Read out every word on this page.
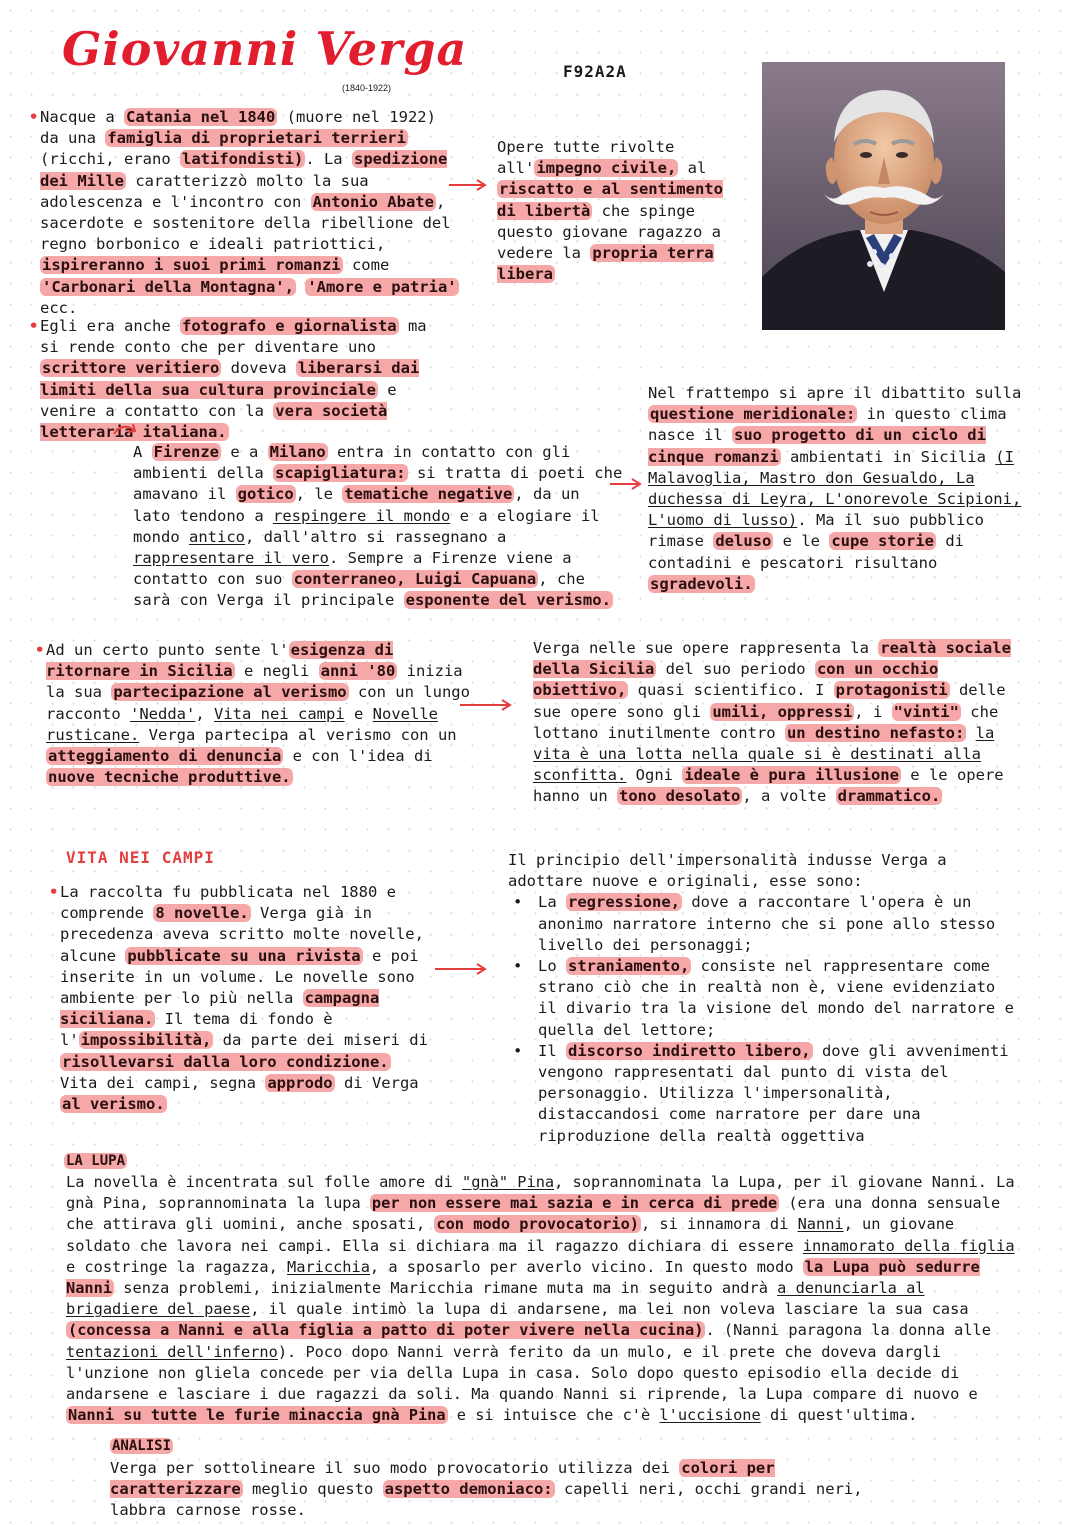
Giovanni Verga
(1840-1922)
F92A2A
• Nacque a Catania nel 1840 (muore nel 1922) da una famiglia di proprietari terrieri (ricchi, erano latifondisti) . La spedizione dei Mille caratterizzò molto la sua adolescenza e l'incontro con Antonio Abate , sacerdote e sostenitore della ribellione del regno borbonico e ideali patriottici, ispireranno i suoi primi romanzi come 'Carbonari della Montagna', 'Amore e patria' ecc.
Opere tutte rivolte all' impegno civile, al riscatto e al sentimento di libertà che spinge questo giovane ragazzo a vedere la propria terra libera
• Egli era anche fotografo e giornalista ma si rende conto che per diventare uno scrittore veritiero doveva liberarsi dai limiti della sua cultura provinciale e venire a contatto con la vera società letteraria italiana.
A Firenze e a Milano entra in contatto con gli ambienti della scapigliatura: si tratta di poeti che amavano il gotico , le tematiche negative , da un lato tendono a respingere il mondo e a elogiare il mondo antico, dall'altro si rassegnano a rappresentare il vero. Sempre a Firenze viene a contatto con suo conterraneo, Luigi Capuana , che sarà con Verga il principale esponente del verismo.
Nel frattempo si apre il dibattito sulla questione meridionale: in questo clima nasce il suo progetto di un ciclo di cinque romanzi ambientati in Sicilia (I Malavoglia, Mastro don Gesualdo, La duchessa di Leyra, L'onorevole Scipioni, L'uomo di lusso). Ma il suo pubblico rimase deluso e le cupe storie di contadini e pescatori risultano sgradevoli.
• Ad un certo punto sente l' esigenza di ritornare in Sicilia e negli anni '80 inizia la sua partecipazione al verismo con un lungo racconto 'Nedda', Vita nei campi e Novelle rusticane. Verga partecipa al verismo con un atteggiamento di denuncia e con l'idea di nuove tecniche produttive.
Verga nelle sue opere rappresenta la realtà sociale della Sicilia del suo periodo con un occhio obiettivo, quasi scientifico. I protagonisti delle sue opere sono gli umili, oppressi , i "vinti" che lottano inutilmente contro un destino nefasto: la vita è una lotta nella quale si è destinati alla sconfitta. Ogni ideale è pura illusione e le opere hanno un tono desolato , a volte drammatico.
VITA NEI CAMPI
• La raccolta fu pubblicata nel 1880 e comprende 8 novelle. Verga già in precedenza aveva scritto molte novelle, alcune pubblicate su una rivista e poi inserite in un volume. Le novelle sono ambiente per lo più nella campagna siciliana. Il tema di fondo è l' impossibilità, da parte dei miseri di risollevarsi dalla loro condizione. Vita dei campi, segna approdo di Verga al verismo.
Il principio dell'impersonalità indusse Verga a adottare nuove e originali, esse sono:
• La regressione, dove a raccontare l'opera è un anonimo narratore interno che si pone allo stesso livello dei personaggi;
• Lo straniamento, consiste nel rappresentare come strano ciò che in realtà non è, viene evidenziato il divario tra la visione del mondo del narratore e quella del lettore;
• Il discorso indiretto libero, dove gli avvenimenti vengono rappresentati dal punto di vista del personaggio. Utilizza l'impersonalità, distaccandosi come narratore per dare una riproduzione della realtà oggettiva
LA LUPA
La novella è incentrata sul folle amore di "gnà" Pina, soprannominata la Lupa, per il giovane Nanni. La gnà Pina, soprannominata la lupa per non essere mai sazia e in cerca di prede (era una donna sensuale che attirava gli uomini, anche sposati, con modo provocatorio) , si innamora di Nanni, un giovane soldato che lavora nei campi. Ella si dichiara ma il ragazzo dichiara di essere innamorato della figlia e costringe la ragazza, Maricchia, a sposarlo per averlo vicino. In questo modo la Lupa può sedurre Nanni senza problemi, inizialmente Maricchia rimane muta ma in seguito andrà a denunciarla al brigadiere del paese, il quale intimò la lupa di andarsene, ma lei non voleva lasciare la sua casa (concessa a Nanni e alla figlia a patto di poter vivere nella cucina) . (Nanni paragona la donna alle tentazioni dell'inferno). Poco dopo Nanni verrà ferito da un mulo, e il prete che doveva dargli l'unzione non gliela concede per via della Lupa in casa. Solo dopo questo episodio ella decide di andarsene e lasciare i due ragazzi da soli. Ma quando Nanni si riprende, la Lupa compare di nuovo e Nanni su tutte le furie minaccia gnà Pina e si intuisce che c'è l'uccisione di quest'ultima.
ANALISI
Verga per sottolineare il suo modo provocatorio utilizza dei colori per caratterizzare meglio questo aspetto demoniaco: capelli neri, occhi grandi neri, labbra carnose rosse.
